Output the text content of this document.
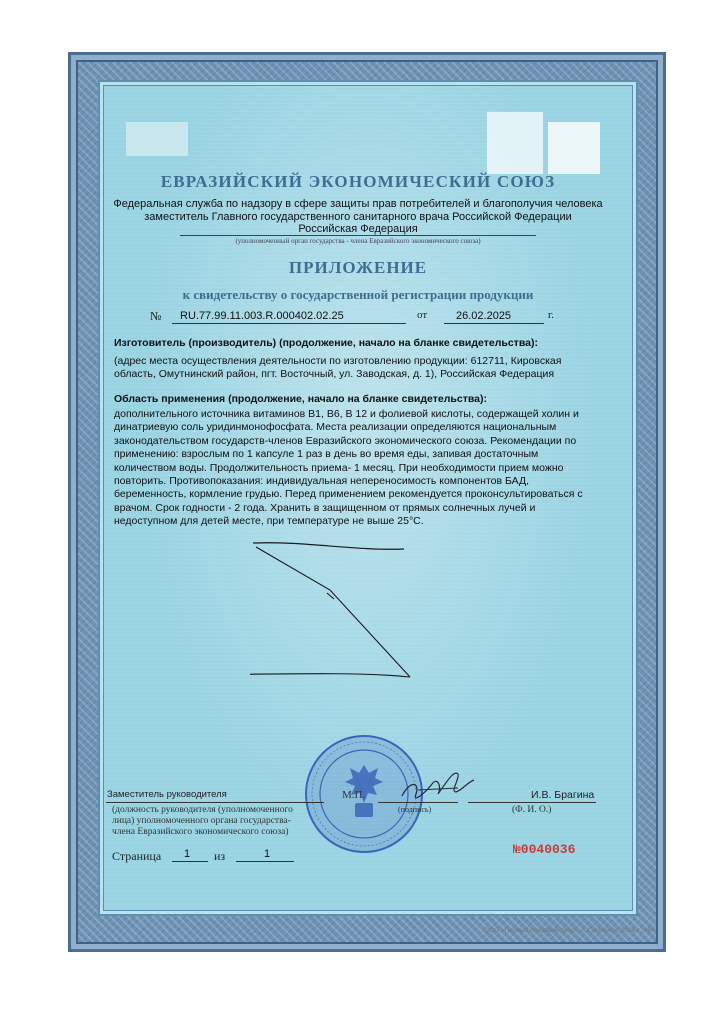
ЕВРАЗИЙСКИЙ ЭКОНОМИЧЕСКИЙ СОЮЗ
Федеральная служба по надзору в сфере защиты прав потребителей и благополучия человека
заместитель Главного государственного санитарного врача Российской Федерации
Российская Федерация
(уполномоченный орган государства - члена Евразийского экономического союза)
ПРИЛОЖЕНИЕ
к свидетельству о государственной регистрации продукции
№ RU.77.99.11.003.R.000402.02.25	от	26.02.2025	г.
Изготовитель (производитель) (продолжение, начало на бланке свидетельства):
(адрес места осуществления деятельности по изготовлению продукции: 612711, Кировская область, Омутнинский район, пгт. Восточный, ул. Заводская, д. 1), Российская Федерация
Область применения (продолжение, начало на бланке свидетельства):
дополнительного источника витаминов В1, В6, В 12 и фолиевой кислоты, содержащей холин и динатриевую соль уридинмонофосфата. Места реализации определяются национальным законодательством государств-членов Евразийского экономического союза. Рекомендации по применению: взрослым по 1 капсуле 1 раз в день во время еды, запивая достаточным количеством воды. Продолжительность приема- 1 месяц. При необходимости прием можно повторить. Противопоказания: индивидуальная непереносимость компонентов БАД, беременность, кормление грудью. Перед применением рекомендуется проконсультироваться с врачом. Срок годности - 2 года. Хранить в защищенном от прямых солнечных лучей и недоступном для детей месте, при температуре не выше 25°С.
Заместитель руководителя	М.П.	И.В. Брагина
(должность руководителя (уполномоченного
лица) уполномоченного органа государства-
члена Евразийского экономического союза)
(подпись)	(Ф. И. О.)
Страница 1 из	1	№0040036
ООО «Первый печатный двор», г. Смоленск, 2024 г., «В»
